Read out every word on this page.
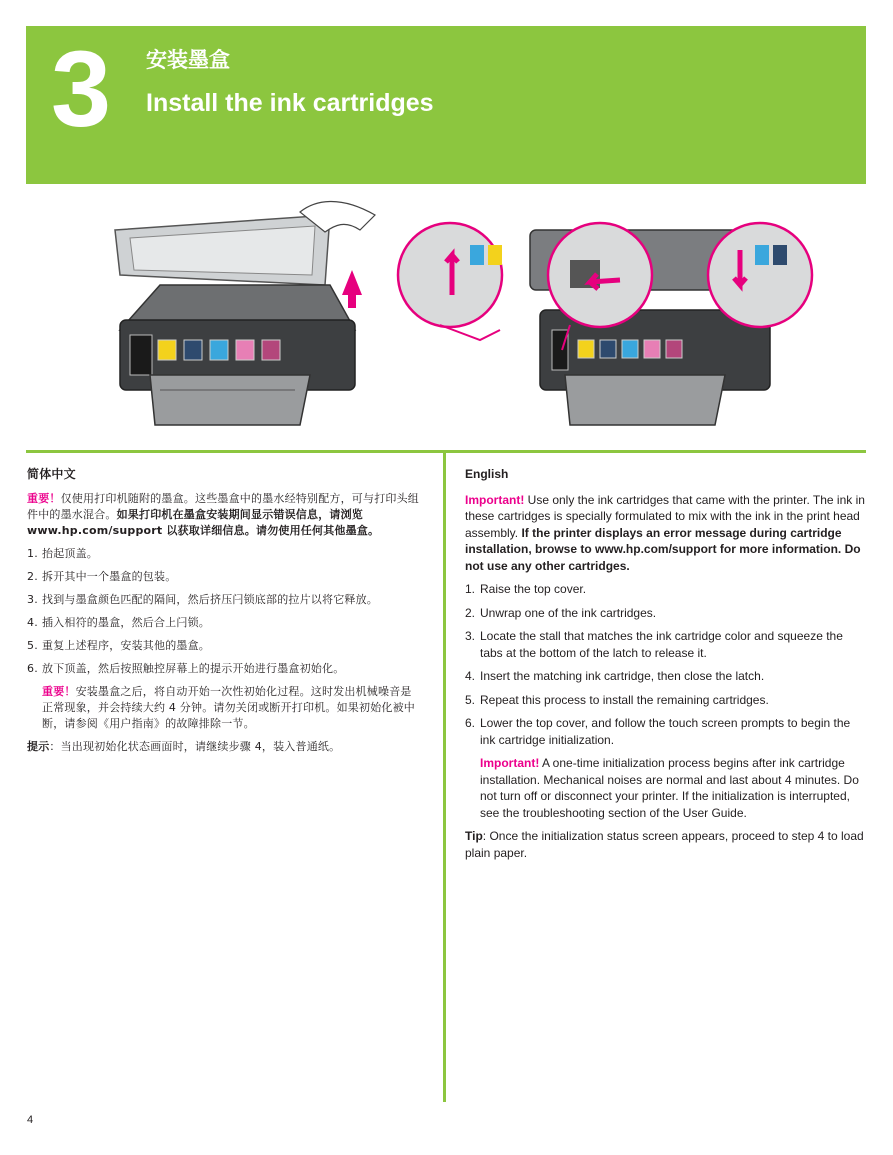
3	安装墨盒
Install the ink cartridges
简体中文
重要！仅使用打印机随附的墨盒。这些墨盒中的墨水经特别配方，可与打印头组件中的墨水混合。如果打印机在墨盒安装期间显示错误信息，请浏览 www.hp.com/support 以获取详细信息。请勿使用任何其他墨盒。
1. 抬起顶盖。
2. 拆开其中一个墨盒的包装。
3. 找到与墨盒颜色匹配的隔间，然后挤压闩锁底部的拉片以将它释放。
4. 插入相符的墨盒，然后合上闩锁。
5. 重复上述程序，安装其他的墨盒。
6. 放下顶盖，然后按照触控屏幕上的提示开始进行墨盒初始化。
重要！安装墨盒之后，将自动开始一次性初始化过程。这时发出机械噪音是正常现象，并会持续大约 4 分钟。请勿关闭或断开打印机。如果初始化被中断，请参阅《用户指南》的故障排除一节。
提示：当出现初始化状态画面时，请继续步骤 4，装入普通纸。
English
Important! Use only the ink cartridges that came with the printer. The ink in these cartridges is specially formulated to mix with the ink in the print head assembly. If the printer displays an error message during cartridge installation, browse to www.hp.com/support for more information. Do not use any other cartridges.
1. Raise the top cover.
2. Unwrap one of the ink cartridges.
3. Locate the stall that matches the ink cartridge color and squeeze the tabs at the bottom of the latch to release it.
4. Insert the matching ink cartridge, then close the latch.
5. Repeat this process to install the remaining cartridges.
6. Lower the top cover, and follow the touch screen prompts to begin the ink cartridge initialization.
Important! A one-time initialization process begins after ink cartridge installation. Mechanical noises are normal and last about 4 minutes. Do not turn off or disconnect your printer. If the initialization is interrupted, see the troubleshooting section of the User Guide.
Tip: Once the initialization status screen appears, proceed to step 4 to load plain paper.
4
